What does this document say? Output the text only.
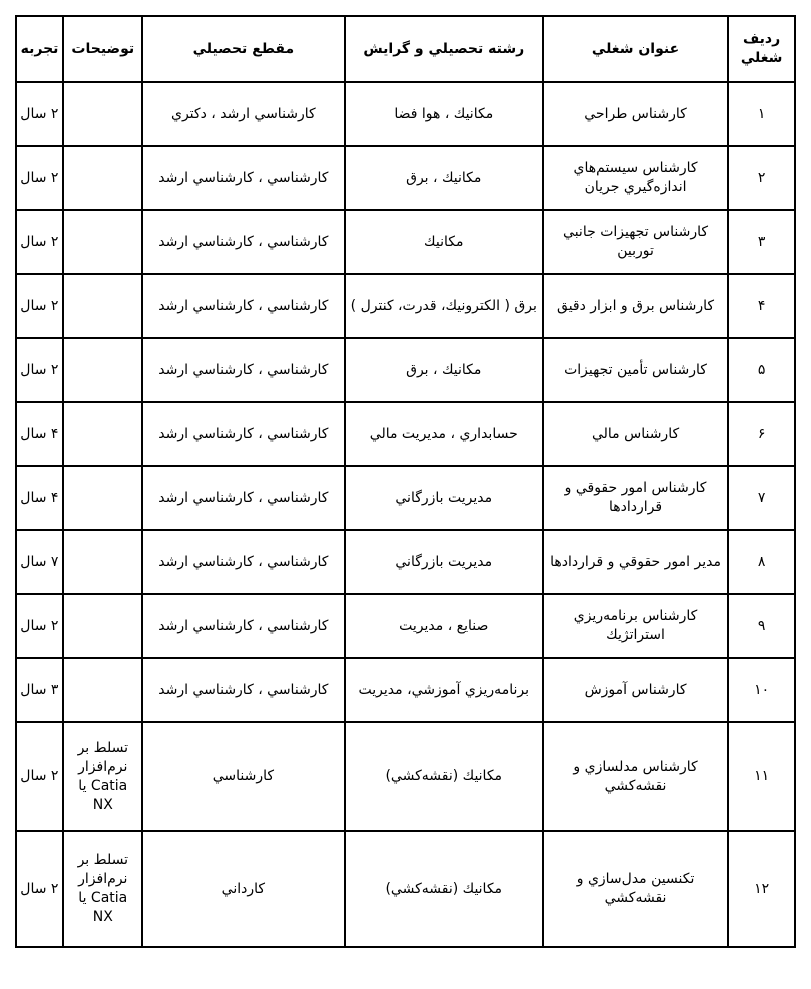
رديف شغلي	عنوان شغلي	رشته تحصيلي و گرايش	مقطع تحصيلي	توضيحات	تجربه
۱	كارشناس طراحي	مكانيك ، هوا فضا	كارشناسي ارشد ، دكتري		۲ سال
۲	كارشناس سيستم‌هاي اندازه‌گيري جريان	مكانيك ، برق	كارشناسي ، كارشناسي ارشد		۲ سال
۳	كارشناس تجهيزات جانبي توربين	مكانيك	كارشناسي ، كارشناسي ارشد		۲ سال
۴	كارشناس برق و ابزار دقيق	برق ( الكترونيك، قدرت، كنترل )	كارشناسي ، كارشناسي ارشد		۲ سال
۵	كارشناس تأمين تجهيزات	مكانيك ، برق	كارشناسي ، كارشناسي ارشد		۲ سال
۶	كارشناس مالي	حسابداري ، مديريت مالي	كارشناسي ، كارشناسي ارشد		۴ سال
۷	كارشناس امور حقوقي و قراردادها	مديريت بازرگاني	كارشناسي ، كارشناسي ارشد		۴ سال
۸	مدير امور حقوقي و قراردادها	مديريت بازرگاني	كارشناسي ، كارشناسي ارشد		۷ سال
۹	كارشناس برنامه‌ريزي استراتژيك	صنايع ، مديريت	كارشناسي ، كارشناسي ارشد		۲ سال
۱۰	كارشناس آموزش	برنامه‌ريزي آموزشي، مديريت	كارشناسي ، كارشناسي ارشد		۳ سال
۱۱	كارشناس مدلسازي و نقشه‌كشي	مكانيك (نقشه‌كشي)	كارشناسي	تسلط بر نرم‌افزار Catia يا NX	۲ سال
۱۲	تكنسين مدل‌سازي و نقشه‌كشي	مكانيك (نقشه‌كشي)	كارداني	تسلط بر نرم‌افزار Catia يا NX	۲ سال
